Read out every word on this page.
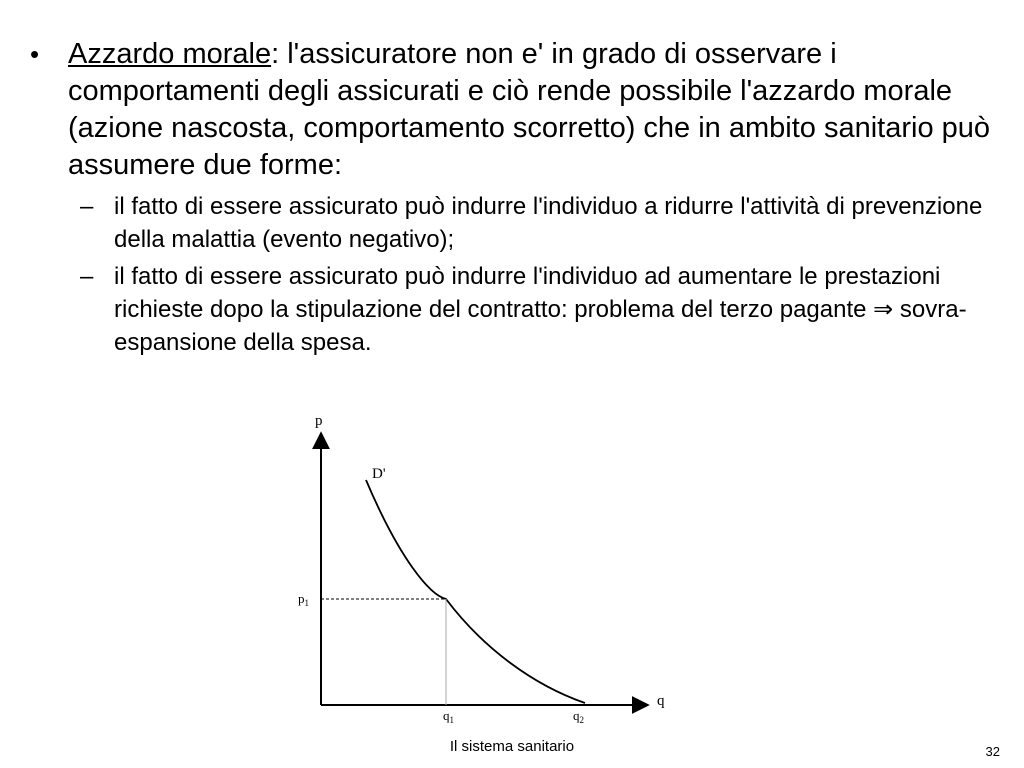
• Azzardo morale: l'assicuratore non e' in grado di osservare i comportamenti degli assicurati e ciò rende possibile l'azzardo morale (azione nascosta, comportamento scorretto) che in ambito sanitario può assumere due forme:
– il fatto di essere assicurato può indurre l'individuo a ridurre l'attività di prevenzione della malattia (evento negativo);
– il fatto di essere assicurato può indurre l'individuo ad aumentare le prestazioni richieste dopo la stipulazione del contratto: problema del terzo pagante ⇒ sovra-espansione della spesa.
p
q
D'
$p_1$
$q_1$	$q_2$
Il sistema sanitario	32
